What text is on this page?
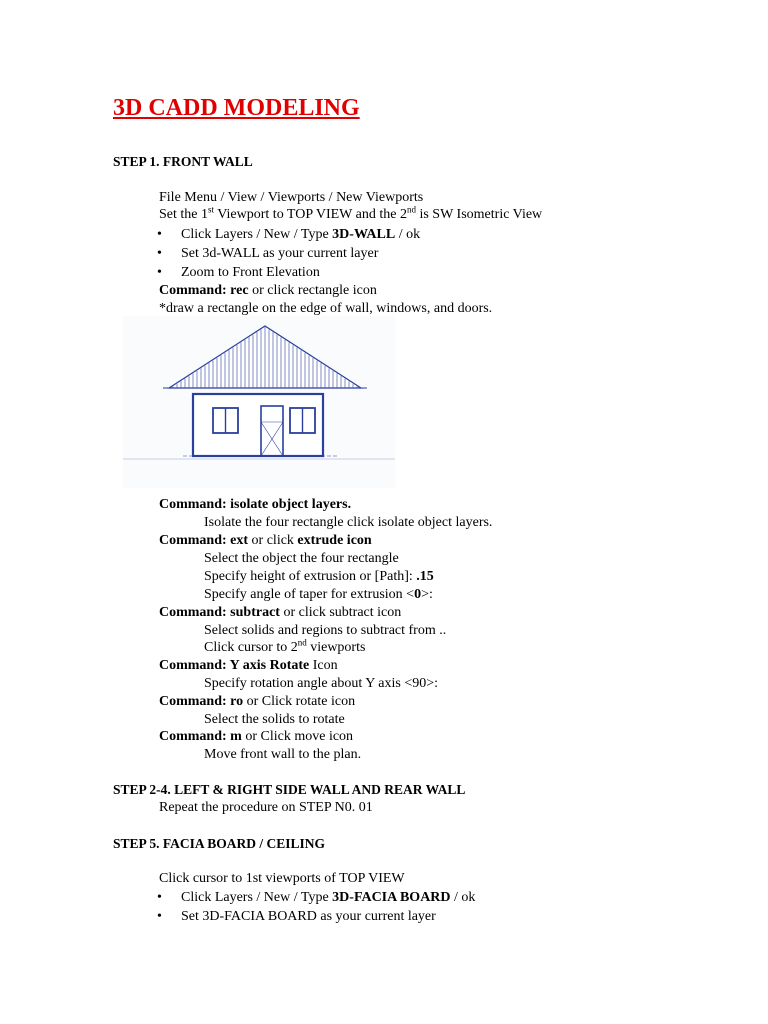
3D CADD MODELING
STEP 1. FRONT WALL
File Menu / View / Viewports / New Viewports
Set the 1st Viewport to TOP VIEW and the 2nd is SW Isometric View
• Click Layers / New / Type 3D-WALL / ok
• Set 3d-WALL as your current layer
• Zoom to Front Elevation
Command: rec or click rectangle icon
*draw a rectangle on the edge of wall, windows, and doors.
Command: isolate object layers.
Isolate the four rectangle click isolate object layers.
Command: ext or click extrude icon
Select the object the four rectangle
Specify height of extrusion or [Path]: .15
Specify angle of taper for extrusion <0>:
Command: subtract or click subtract icon
Select solids and regions to subtract from ..
Click cursor to 2nd viewports
Command: Y axis Rotate Icon
Specify rotation angle about Y axis <90>:
Command: ro or Click rotate icon
Select the solids to rotate
Command: m or Click move icon
Move front wall to the plan.
STEP 2-4. LEFT & RIGHT SIDE WALL AND REAR WALL
Repeat the procedure on STEP N0. 01
STEP 5. FACIA BOARD / CEILING
Click cursor to 1st viewports of TOP VIEW
• Click Layers / New / Type 3D-FACIA BOARD / ok
• Set 3D-FACIA BOARD as your current layer
